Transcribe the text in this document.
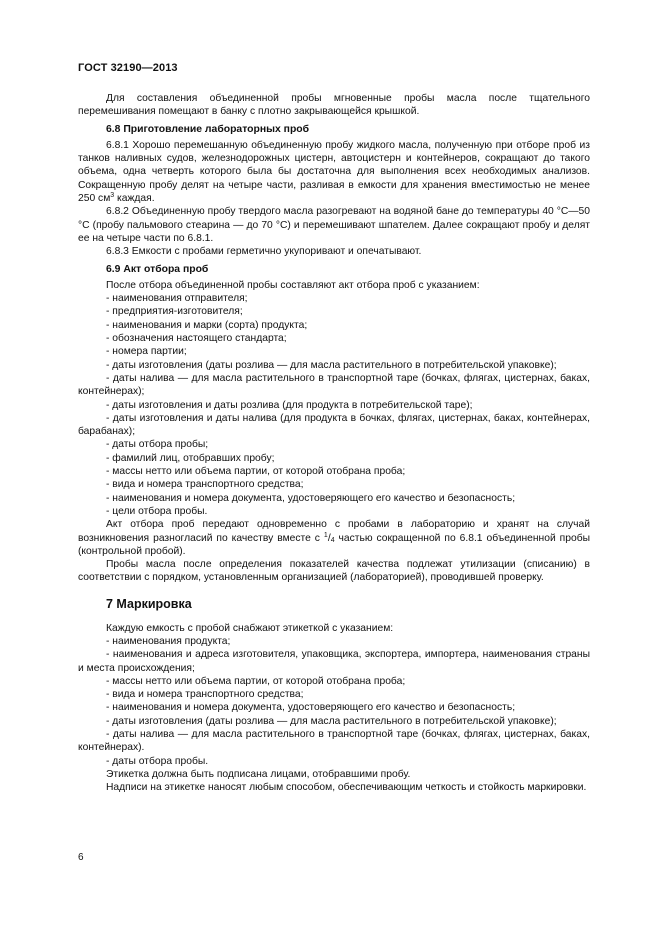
ГОСТ 32190—2013

Для составления объединенной пробы мгновенные пробы масла после тщательного перемешивания помещают в банку с плотно закрывающейся крышкой.

6.8 Приготовление лабораторных проб

6.8.1 Хорошо перемешанную объединенную пробу жидкого масла, полученную при отборе проб из танков наливных судов, железнодорожных цистерн, автоцистерн и контейнеров, сокращают до такого объема, одна четверть которого была бы достаточна для выполнения всех необходимых анализов. Сокращенную пробу делят на четыре части, разливая в емкости для хранения вместимостью не менее 250 $см^3$ каждая.

6.8.2 Объединенную пробу твердого масла разогревают на водяной бане до температуры 40 °С—50 °С (пробу пальмового стеарина — до 70 °С) и перемешивают шпателем. Далее сокращают пробу и делят ее на четыре части по 6.8.1.

6.8.3 Емкости с пробами герметично укупоривают и опечатывают.

6.9 Акт отбора проб

После отбора объединенной пробы составляют акт отбора проб с указанием:

- наименования отправителя;

- предприятия-изготовителя;

- наименования и марки (сорта) продукта;

- обозначения настоящего стандарта;

- номера партии;

- даты изготовления (даты розлива — для масла растительного в потребительской упаковке);

- даты налива — для масла растительного в транспортной таре (бочках, флягах, цистернах, баках, контейнерах);

- даты изготовления и даты розлива (для продукта в потребительской таре);

- даты изготовления и даты налива (для продукта в бочках, флягах, цистернах, баках, контейнерах, барабанах);

- даты отбора пробы;

- фамилий лиц, отобравших пробу;

- массы нетто или объема партии, от которой отобрана проба;

- вида и номера транспортного средства;

- наименования и номера документа, удостоверяющего его качество и безопасность;

- цели отбора пробы.

Акт отбора проб передают одновременно с пробами в лабораторию и хранят на случай возникновения разногласий по качеству вместе с $^1/_4$ частью сокращенной по 6.8.1 объединенной пробы (контрольной пробой).

Пробы масла после определения показателей качества подлежат утилизации (списанию) в соответствии с порядком, установленным организацией (лабораторией), проводившей проверку.

7 Маркировка

Каждую емкость с пробой снабжают этикеткой с указанием:

- наименования продукта;

- наименования и адреса изготовителя, упаковщика, экспортера, импортера, наименования страны и места происхождения;

- массы нетто или объема партии, от которой отобрана проба;

- вида и номера транспортного средства;

- наименования и номера документа, удостоверяющего его качество и безопасность;

- даты изготовления (даты розлива — для масла растительного в потребительской упаковке);

- даты налива — для масла растительного в транспортной таре (бочках, флягах, цистернах, баках, контейнерах).

- даты отбора пробы.

Этикетка должна быть подписана лицами, отобравшими пробу.

Надписи на этикетке наносят любым способом, обеспечивающим четкость и стойкость маркировки.

6
